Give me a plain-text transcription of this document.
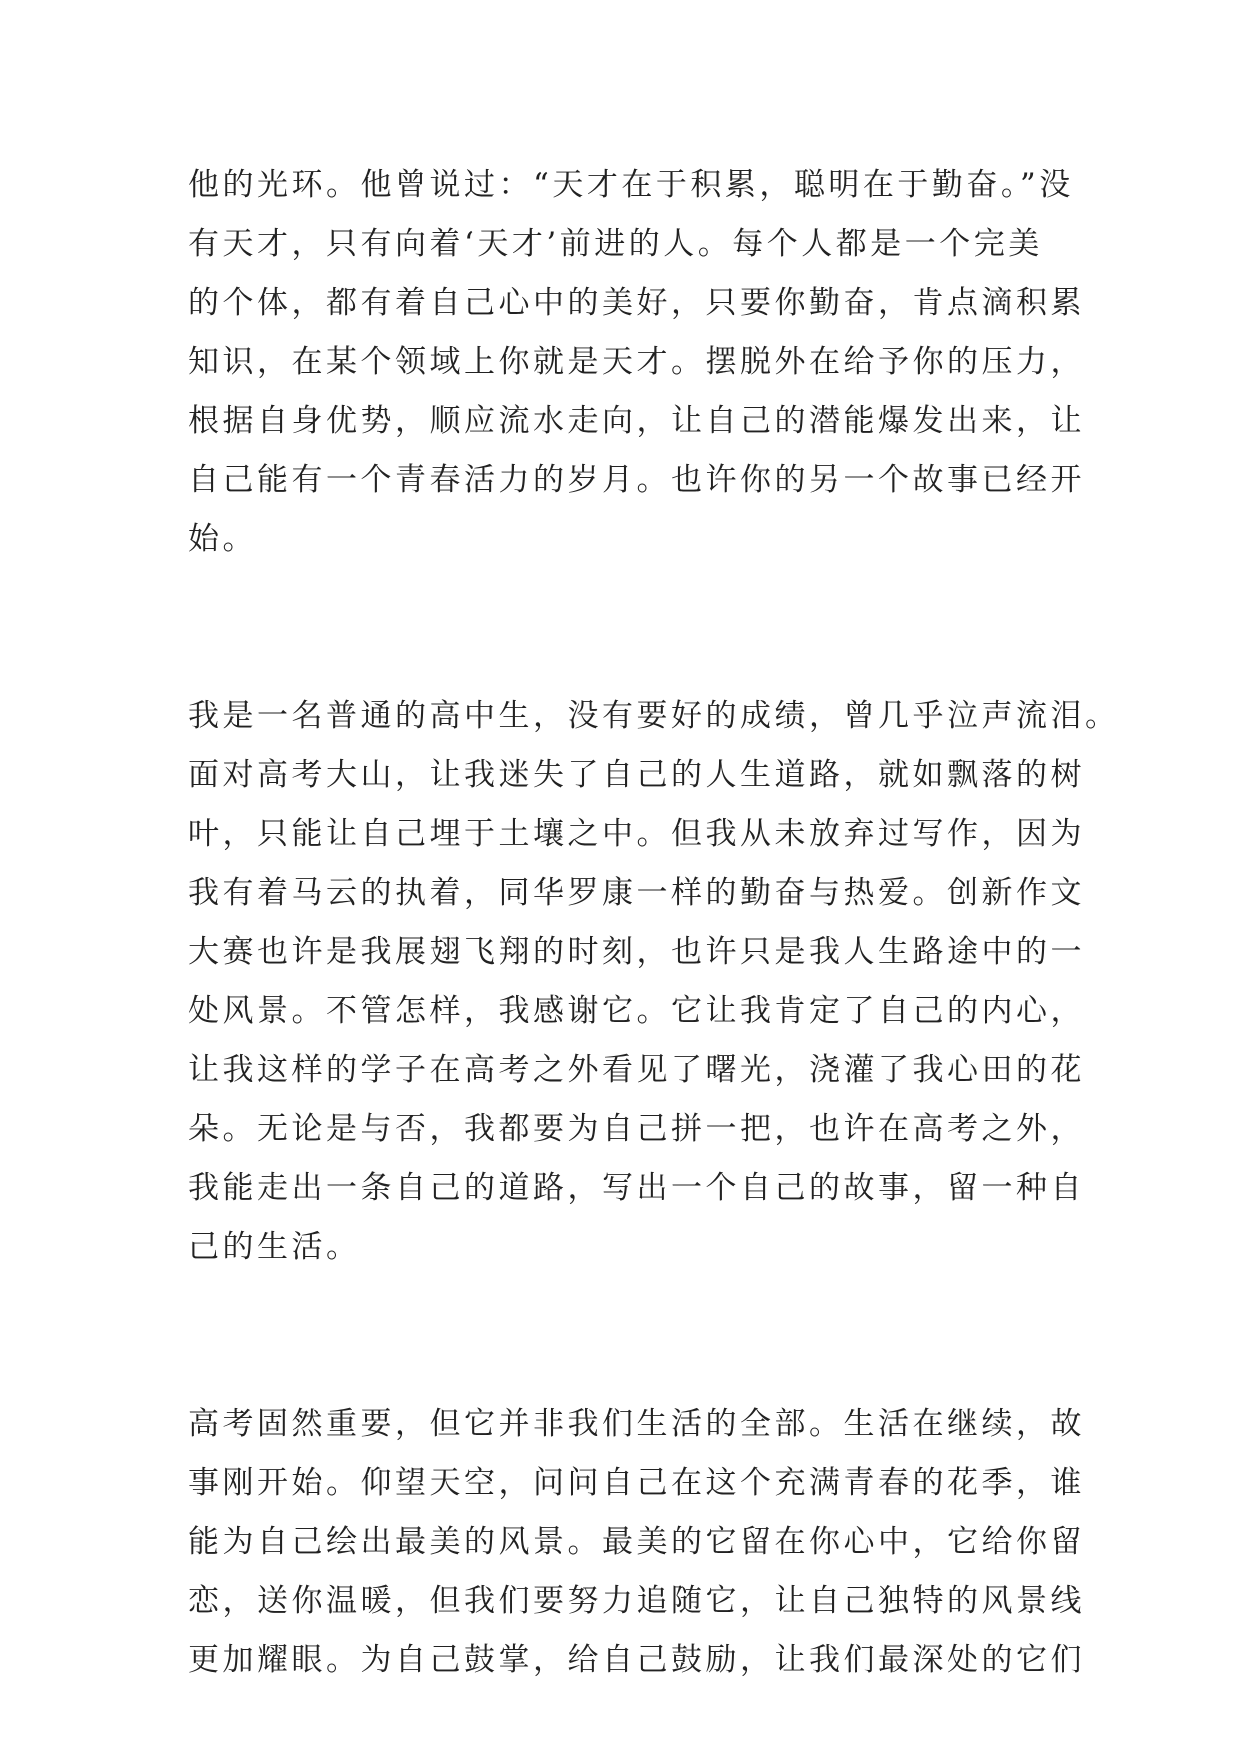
他的光环。他曾说过：“天才在于积累，聪明在于勤奋。”没
有天才，只有向着‘天才’前进的人。每个人都是一个完美
的个体，都有着自己心中的美好，只要你勤奋，肯点滴积累
知识，在某个领域上你就是天才。摆脱外在给予你的压力，
根据自身优势，顺应流水走向，让自己的潜能爆发出来，让
自己能有一个青春活力的岁月。也许你的另一个故事已经开
始。
我是一名普通的高中生，没有要好的成绩，曾几乎泣声流泪。
面对高考大山，让我迷失了自己的人生道路，就如飘落的树
叶，只能让自己埋于土壤之中。但我从未放弃过写作，因为
我有着马云的执着，同华罗康一样的勤奋与热爱。创新作文
大赛也许是我展翅飞翔的时刻，也许只是我人生路途中的一
处风景。不管怎样，我感谢它。它让我肯定了自己的内心，
让我这样的学子在高考之外看见了曙光，浇灌了我心田的花
朵。无论是与否，我都要为自己拼一把，也许在高考之外，
我能走出一条自己的道路，写出一个自己的故事，留一种自
己的生活。
高考固然重要，但它并非我们生活的全部。生活在继续，故
事刚开始。仰望天空，问问自己在这个充满青春的花季，谁
能为自己绘出最美的风景。最美的它留在你心中，它给你留
恋，送你温暖，但我们要努力追随它，让自己独特的风景线
更加耀眼。为自己鼓掌，给自己鼓励，让我们最深处的它们
